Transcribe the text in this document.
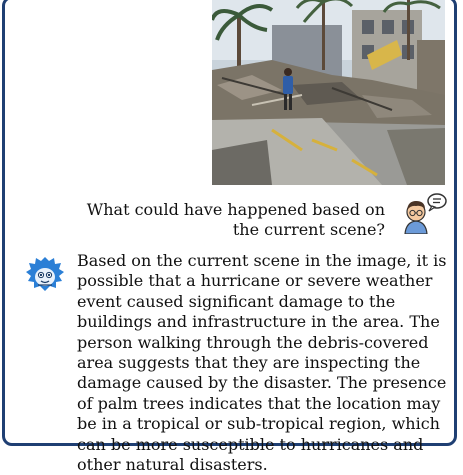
What could have happened based on the current scene?
Based on the current scene in the image, it is possible that a hurricane or severe weather event caused significant damage to the buildings and infrastructure in the area. The person walking through the debris-covered area suggests that they are inspecting the damage caused by the disaster. The presence of palm trees indicates that the location may be in a tropical or sub-tropical region, which can be more susceptible to hurricanes and other natural disasters.
